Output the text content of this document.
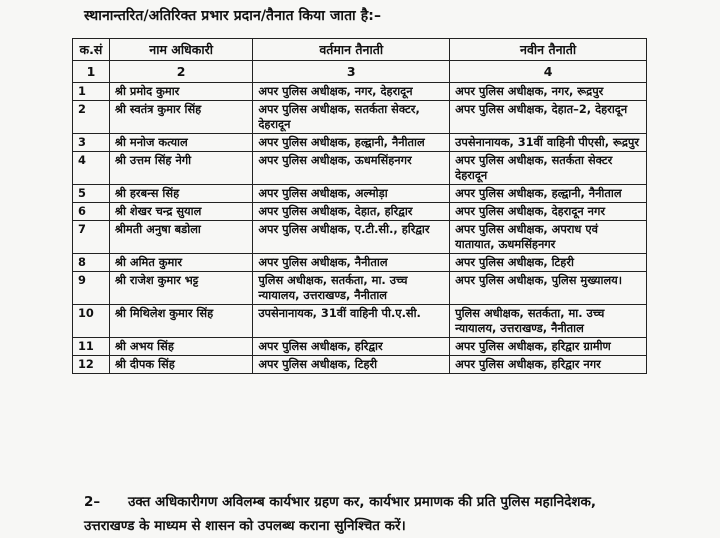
स्थानान्तरित/अतिरिक्त प्रभार प्रदान/तैनात किया जाता है:–
क.सं	नाम अधिकारी	वर्तमान तैनाती	नवीन तैनाती
1	2	3	4
1	श्री प्रमोद कुमार	अपर पुलिस अधीक्षक, नगर, देहरादून	अपर पुलिस अधीक्षक, नगर, रूद्रपुर
2	श्री स्वतंत्र कुमार सिंह	अपर पुलिस अधीक्षक, सतर्कता सेक्टर, देहरादून	अपर पुलिस अधीक्षक, देहात–2, देहरादून
3	श्री मनोज कत्याल	अपर पुलिस अधीक्षक, हल्द्वानी, नैनीताल	उपसेनानायक, 31वीं वाहिनी पीएसी, रूद्रपुर
4	श्री उत्तम सिंह नेगी	अपर पुलिस अधीक्षक, ऊधमसिंहनगर	अपर पुलिस अधीक्षक, सतर्कता सेक्टर देहरादून
5	श्री हरबन्स सिंह	अपर पुलिस अधीक्षक, अल्मोड़ा	अपर पुलिस अधीक्षक, हल्द्वानी, नैनीताल
6	श्री शेखर चन्द्र सुयाल	अपर पुलिस अधीक्षक, देहात, हरिद्वार	अपर पुलिस अधीक्षक, देहरादून नगर
7	श्रीमती अनुषा बडोला	अपर पुलिस अधीक्षक, ए.टी.सी., हरिद्वार	अपर पुलिस अधीक्षक, अपराध एवं यातायात, ऊधमसिंहनगर
8	श्री अमित कुमार	अपर पुलिस अधीक्षक, नैनीताल	अपर पुलिस अधीक्षक, टिहरी
9	श्री राजेश कुमार भट्ट	पुलिस अधीक्षक, सतर्कता, मा. उच्च न्यायालय, उत्तराखण्ड, नैनीताल	अपर पुलिस अधीक्षक, पुलिस मुख्यालय।
10	श्री मिथिलेश कुमार सिंह	उपसेनानायक, 31वीं वाहिनी पी.ए.सी.	पुलिस अधीक्षक, सतर्कता, मा. उच्च न्यायालय, उत्तराखण्ड, नैनीताल
11	श्री अभय सिंह	अपर पुलिस अधीक्षक, हरिद्वार	अपर पुलिस अधीक्षक, हरिद्वार ग्रामीण
12	श्री दीपक सिंह	अपर पुलिस अधीक्षक, टिहरी	अपर पुलिस अधीक्षक, हरिद्वार नगर
2– उक्त अधिकारीगण अविलम्ब कार्यभार ग्रहण कर, कार्यभार प्रमाणक की प्रति पुलिस महानिदेशक, उत्तराखण्ड के माध्यम से शासन को उपलब्ध कराना सुनिश्चित करें।
